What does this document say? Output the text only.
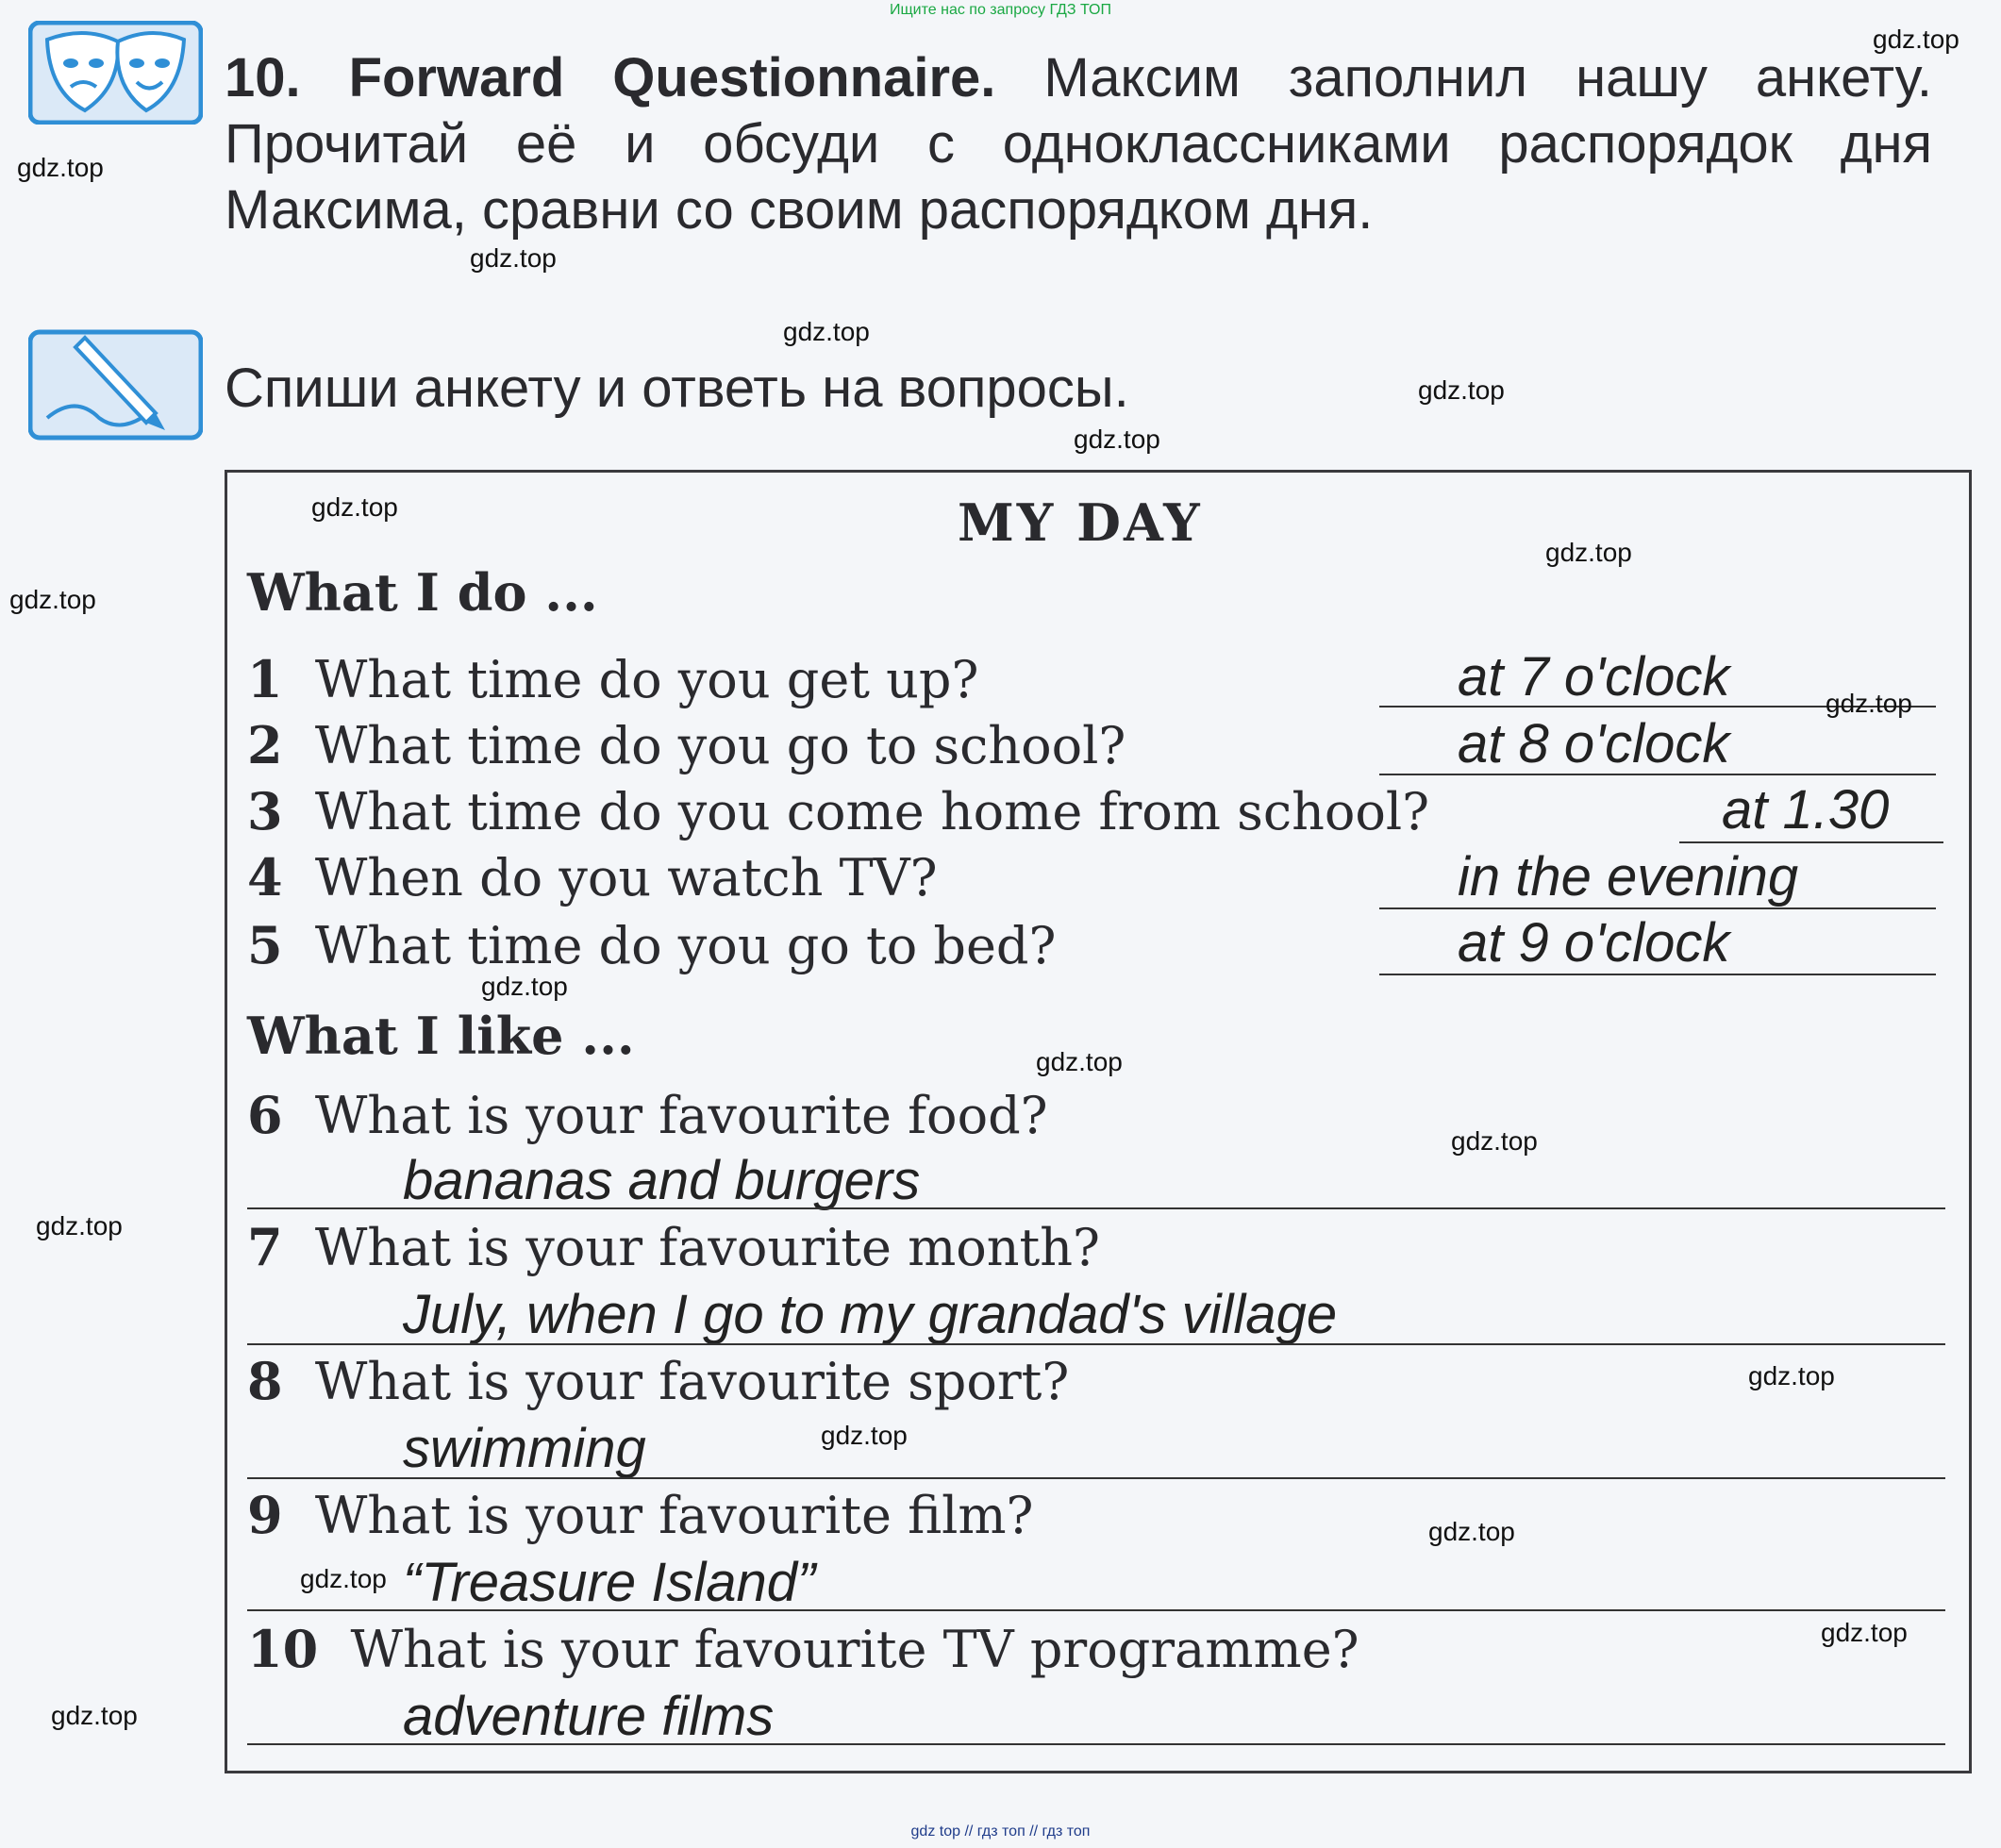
Ищите нас по запросу ГДЗ ТОП
10. Forward Questionnaire. Максим заполнил нашу анкету. Прочитай её и обсуди с одноклассниками распорядок дня Максима, сравни со своим распорядком дня.
Спиши анкету и ответь на вопросы.
MY DAY
What I do ...
1 What time do you get up?	at 7 o'clock
2 What time do you go to school?	at 8 o'clock
3 What time do you come home from school?	at 1.30
4 When do you watch TV?	in the evening
5 What time do you go to bed?	at 9 o'clock
What I like ...
6 What is your favourite food?
bananas and burgers
7 What is your favourite month?
July, when I go to my grandad's village
8 What is your favourite sport?
swimming
9 What is your favourite film?
“Treasure Island”
10 What is your favourite TV programme?
adventure films
gdz.top
gdz.top
gdz.top
gdz.top
gdz.top
gdz.top
gdz.top
gdz.top
gdz.top
gdz.top
gdz.top
gdz.top
gdz.top
gdz.top
gdz.top
gdz.top
gdz.top
gdz.top
gdz.top
gdz.top
gdz top // гдз топ // гдз топ
